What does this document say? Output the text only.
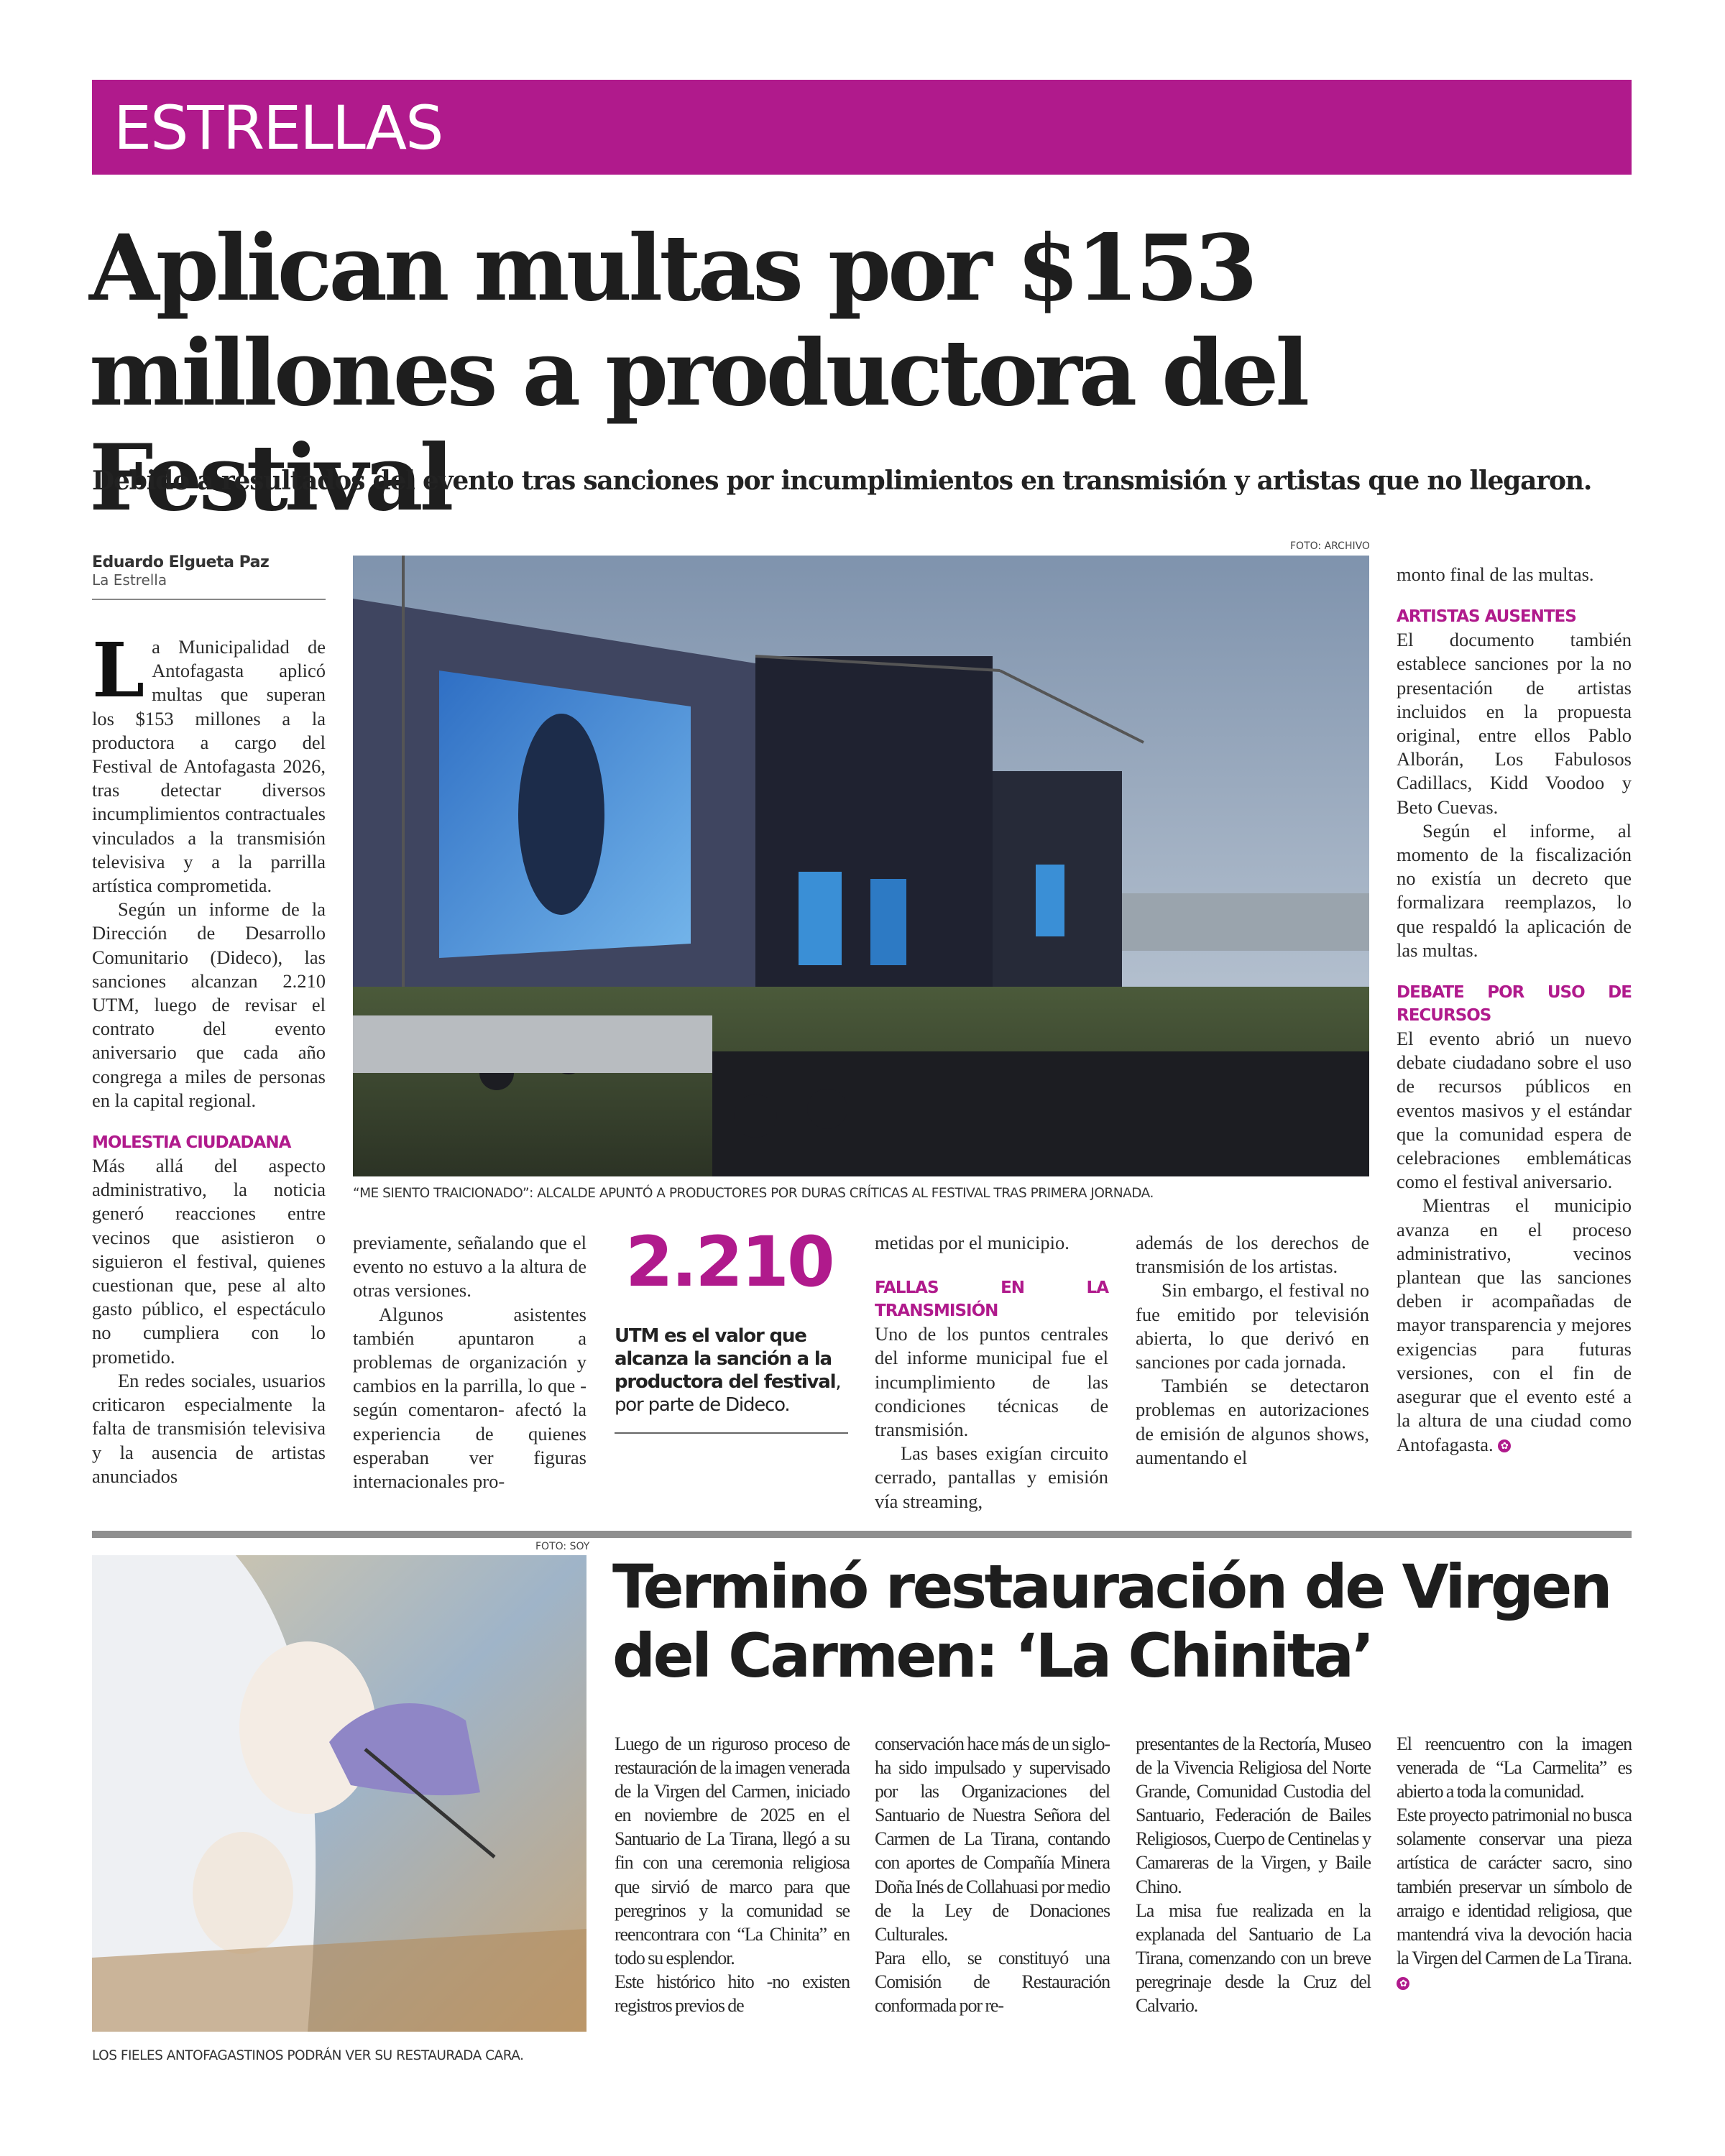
ESTRELLAS
Aplican multas por $153 millones a productora del Festival

Debido a resultados del evento tras sanciones por incumplimientos en transmisión y artistas que no llegaron.

Eduardo Elgueta Paz
La Estrella
FOTO: ARCHIVO
“ME SIENTO TRAICIONADO”: ALCALDE APUNTÓ A PRODUCTORES POR DURAS CRÍTICAS AL FESTIVAL TRAS PRIMERA JORNADA.

La Municipalidad de Antofagasta aplicó multas que superan los $153 millones a la productora a cargo del Festival de Antofagasta 2026, tras detectar diversos incumplimientos contractuales vinculados a la transmisión televisiva y a la parrilla artística comprometida.

Según un informe de la Dirección de Desarrollo Comunitario (Dideco), las sanciones alcanzan 2.210 UTM, luego de revisar el contrato del evento aniversario que cada año congrega a miles de personas en la capital regional.

MOLESTIA CIUDADANA

Más allá del aspecto administrativo, la noticia generó reacciones entre vecinos que asistieron o siguieron el festival, quienes cuestionan que, pese al alto gasto público, el espectáculo no cumpliera con lo prometido.

En redes sociales, usuarios criticaron especialmente la falta de transmisión televisiva y la ausencia de artistas anunciados

previamente, señalando que el evento no estuvo a la altura de otras versiones.

Algunos asistentes también apuntaron a problemas de organización y cambios en la parrilla, lo que -según comentaron- afectó la experiencia de quienes esperaban ver figuras internacionales pro-

2.210
UTM es el valor que alcanza la sanción a la productora del festival, por parte de Dideco.

metidas por el municipio.

FALLAS EN LA TRANSMISIÓN

Uno de los puntos centrales del informe municipal fue el incumplimiento de las condiciones técnicas de transmisión.

Las bases exigían circuito cerrado, pantallas y emisión vía streaming,

además de los derechos de transmisión de los artistas.

Sin embargo, el festival no fue emitido por televisión abierta, lo que derivó en sanciones por cada jornada.

También se detectaron problemas en autorizaciones de emisión de algunos shows, aumentando el

monto final de las multas.

ARTISTAS AUSENTES

El documento también establece sanciones por la no presentación de artistas incluidos en la propuesta original, entre ellos Pablo Alborán, Los Fabulosos Cadillacs, Kidd Voodoo y Beto Cuevas.

Según el informe, al momento de la fiscalización no existía un decreto que formalizara reemplazos, lo que respaldó la aplicación de las multas.

DEBATE POR USO DE RECURSOS

El evento abrió un nuevo debate ciudadano sobre el uso de recursos públicos en eventos masivos y el estándar que la comunidad espera de celebraciones emblemáticas como el festival aniversario.

Mientras el municipio avanza en el proceso administrativo, vecinos plantean que las sanciones deben ir acompañadas de mayor transparencia y mejores exigencias para futuras versiones, con el fin de asegurar que el evento esté a la altura de una ciudad como Antofagasta. ✿

FOTO: SOY
LOS FIELES ANTOFAGASTINOS PODRÁN VER SU RESTAURADA CARA.
Terminó restauración de Virgen del Carmen: ‘La Chinita’

Luego de un riguroso proceso de restauración de la imagen venerada de la Virgen del Carmen, iniciado en noviembre de 2025 en el Santuario de La Tirana, llegó a su fin con una ceremonia religiosa que sirvió de marco para que peregrinos y la comunidad se reencontrara con “La Chinita” en todo su esplendor.

Este histórico hito -no existen registros previos de

conservación hace más de un siglo- ha sido impulsado y supervisado por las Organizaciones del Santuario de Nuestra Señora del Carmen de La Tirana, contando con aportes de Compañía Minera Doña Inés de Collahuasi por medio de la Ley de Donaciones Culturales.

Para ello, se constituyó una Comisión de Restauración conformada por re-

presentantes de la Rectoría, Museo de la Vivencia Religiosa del Norte Grande, Comunidad Custodia del Santuario, Federación de Bailes Religiosos, Cuerpo de Centinelas y Camareras de la Virgen, y Baile Chino.

La misa fue realizada en la explanada del Santuario de La Tirana, comenzando con un breve peregrinaje desde la Cruz del Calvario.

El reencuentro con la imagen venerada de “La Carmelita” es abierto a toda la comunidad.

Este proyecto patrimonial no busca solamente conservar una pieza artística de carácter sacro, sino también preservar un símbolo de arraigo e identidad religiosa, que mantendrá viva la devoción hacia la Virgen del Carmen de La Tirana. ✿
